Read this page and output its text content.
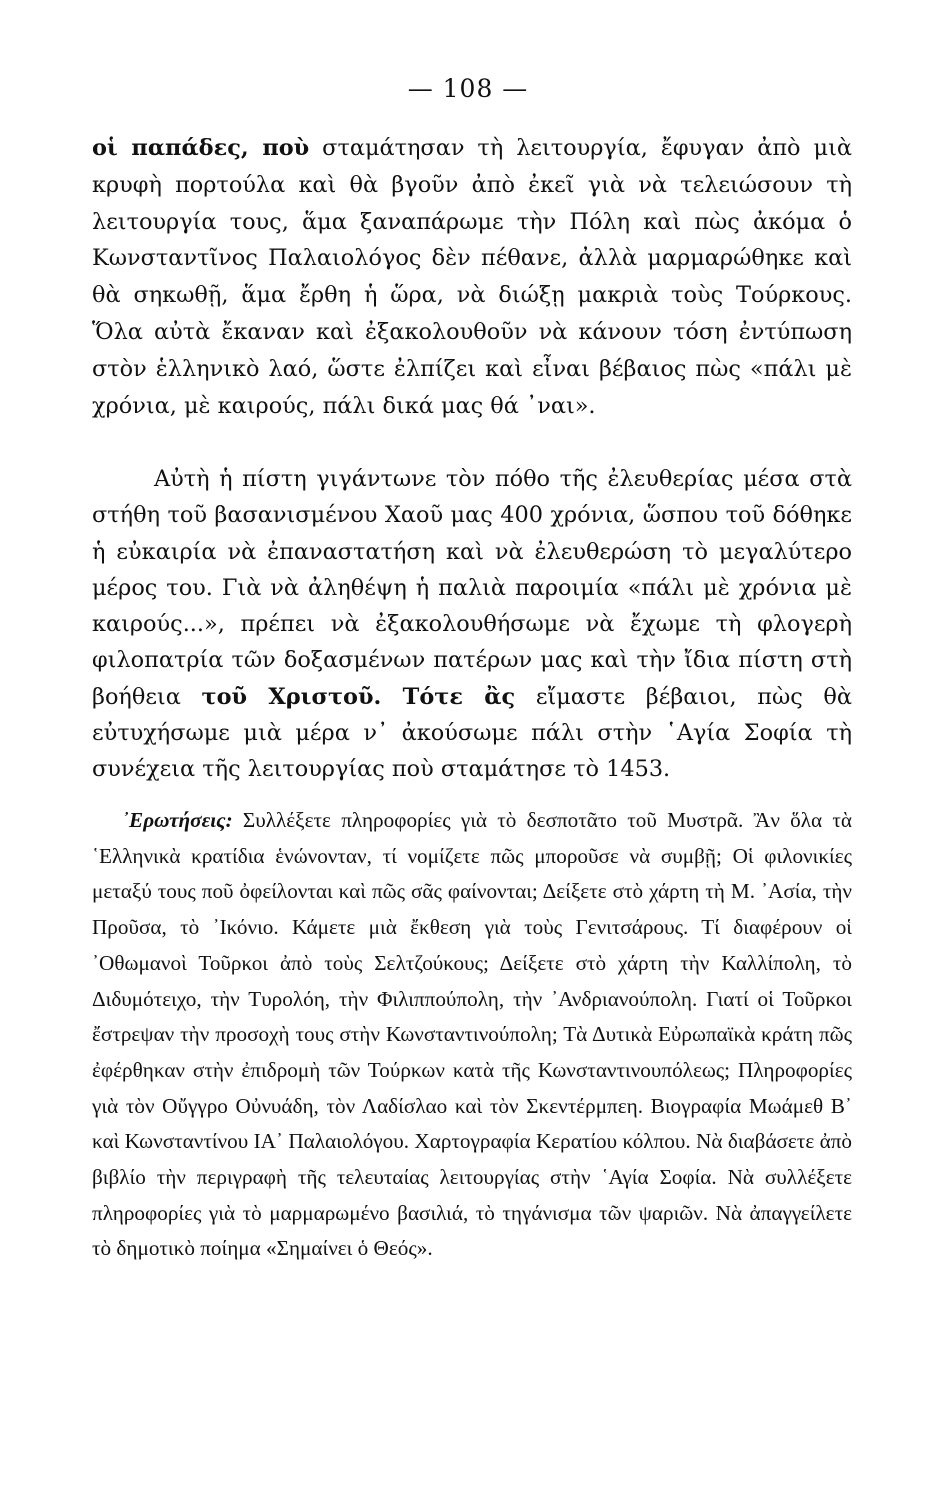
— 108 —

οἱ παπάδες, ποὺ σταμάτησαν τὴ λειτουργία, ἔφυγαν ἀπὸ μιὰ κρυφὴ πορτούλα καὶ θὰ βγοῦν ἀπὸ ἐκεῖ γιὰ νὰ τελειώσουν τὴ λειτουργία τους, ἅμα ξαναπάρωμε τὴν Πόλη καὶ πὼς ἀκόμα ὁ Κωνσταντῖνος Παλαιολόγος δὲν πέθανε, ἀλλὰ μαρμαρώθηκε καὶ θὰ σηκωθῇ, ἅμα ἔρθη ἡ ὥρα, νὰ διώξῃ μακριὰ τοὺς Τούρκους. Ὅλα αὐτὰ ἔκαναν καὶ ἐξακολουθοῦν νὰ κάνουν τόση ἐντύπωση στὸν ἑλληνικὸ λαό, ὥστε ἐλπίζει καὶ εἶναι βέβαιος πὼς «πάλι μὲ χρόνια, μὲ καιρούς, πάλι δικά μας θά ᾽ναι».

Αὐτὴ ἡ πίστη γιγάντωνε τὸν πόθο τῆς ἐλευθερίας μέσα στὰ στήθη τοῦ βασανισμένου Χαοῦ μας 400 χρόνια, ὥσπου τοῦ δόθηκε ἡ εὐκαιρία νὰ ἐπαναστατήση καὶ νὰ ἐλευθερώση τὸ μεγαλύτερο μέρος του. Γιὰ νὰ ἀληθέψη ἡ παλιὰ παροιμία «πάλι μὲ χρόνια μὲ καιρούς...», πρέπει νὰ ἐξακολουθήσωμε νὰ ἔχωμε τὴ φλογερὴ φιλοπατρία τῶν δοξασμένων πατέρων μας καὶ τὴν ἴδια πίστη στὴ βοήθεια τοῦ Χριστοῦ. Τότε ἂς εἴμαστε βέβαιοι, πὼς θὰ εὐτυχήσωμε μιὰ μέρα ν᾽ ἀκούσωμε πάλι στὴν ῾Αγία Σοφία τὴ συνέχεια τῆς λειτουργίας ποὺ σταμάτησε τὸ 1453.

᾽Ερωτήσεις: Συλλέξετε πληροφορίες γιὰ τὸ δεσποτᾶτο τοῦ Μυστρᾶ. Ἂν ὅλα τὰ ῾Ελληνικὰ κρατίδια ἑνώνονταν, τί νομίζετε πῶς μποροῦσε νὰ συμβῇ; Οἱ φιλονικίες μεταξύ τους ποῦ ὀφείλονται καὶ πῶς σᾶς φαίνονται; Δείξετε στὸ χάρτη τὴ Μ. ᾽Ασία, τὴν Προῦσα, τὸ ᾽Ικόνιο. Κάμετε μιὰ ἔκθεση γιὰ τοὺς Γενιτσάρους. Τί διαφέρουν οἱ ᾽Οθωμανοὶ Τοῦρκοι ἀπὸ τοὺς Σελτζούκους; Δείξετε στὸ χάρτη τὴν Καλλίπολη, τὸ Διδυμότειχο, τὴν Τυρολόη, τὴν Φιλιππούπολη, τὴν ᾽Ανδριανούπολη. Γιατί οἱ Τοῦρκοι ἔστρεψαν τὴν προσοχὴ τους στὴν Κωνσταντινούπολη; Τὰ Δυτικὰ Εὐρωπαϊκὰ κράτη πῶς ἐφέρθηκαν στὴν ἐπιδρομὴ τῶν Τούρκων κατὰ τῆς Κωνσταντινουπόλεως; Πληροφορίες γιὰ τὸν Οὔγγρο Οὐνυάδη, τὸν Λαδίσλαο καὶ τὸν Σκεντέρμπεη. Βιογραφία Μωάμεθ Β᾽ καὶ Κωνσταντίνου ΙΑ᾽ Παλαιολόγου. Χαρτογραφία Κερατίου κόλπου. Νὰ διαβάσετε ἀπὸ βιβλίο τὴν περιγραφὴ τῆς τελευταίας λειτουργίας στὴν ῾Αγία Σοφία. Νὰ συλλέξετε πληροφορίες γιὰ τὸ μαρμαρωμένο βασιλιά, τὸ τηγάνισμα τῶν ψαριῶν. Νὰ ἀπαγγείλετε τὸ δημοτικὸ ποίημα «Σημαίνει ὁ Θεός».
